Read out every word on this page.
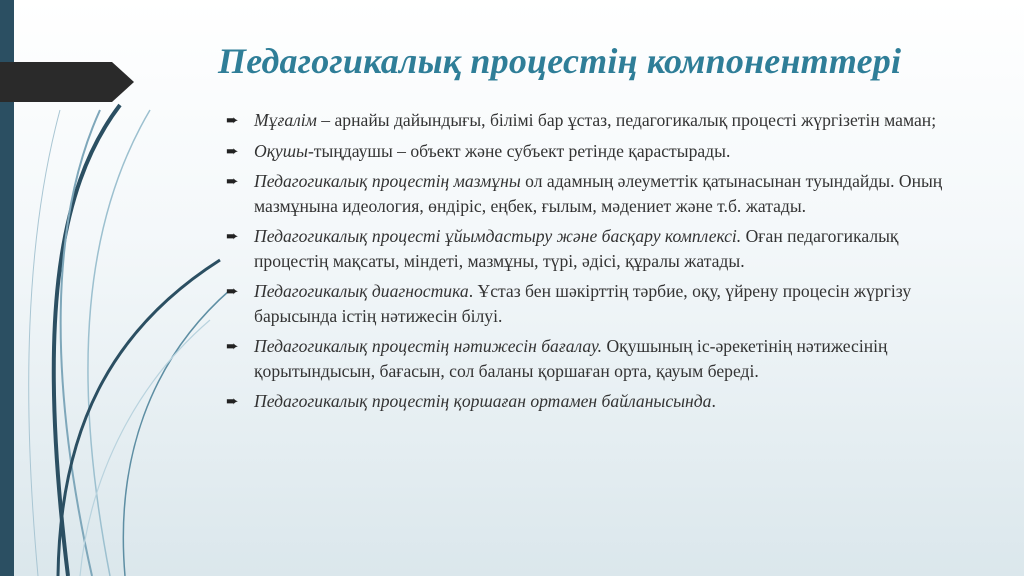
Педагогикалық процестің компоненттері
➨ Мұғалім – арнайы дайындығы, білімі бар ұстаз, педагогикалық процесті жүргізетін маман;
➨ Оқушы-тыңдаушы – объект және субъект ретінде қарастырады.
➨ Педагогикалық процестің мазмұны ол адамның әлеуметтік қатынасынан туындайды. Оның мазмұнына идеология, өндіріс, еңбек, ғылым, мәдениет және т.б. жатады.
➨ Педагогикалық процесті ұйымдастыру және басқару комплексі. Оған педагогикалық процестің мақсаты, міндеті, мазмұны, түрі, әдісі, құралы жатады.
➨ Педагогикалық диагностика. Ұстаз бен шәкірттің тәрбие, оқу, үйрену процесін жүргізу барысында істің нәтижесін білуі.
➨ Педагогикалық процестің нәтижесін бағалау. Оқушының іс-әрекетінің нәтижесінің қорытындысын, бағасын, сол баланы қоршаған орта, қауым береді.
➨ Педагогикалық процестің қоршаған ортамен байланысында.
